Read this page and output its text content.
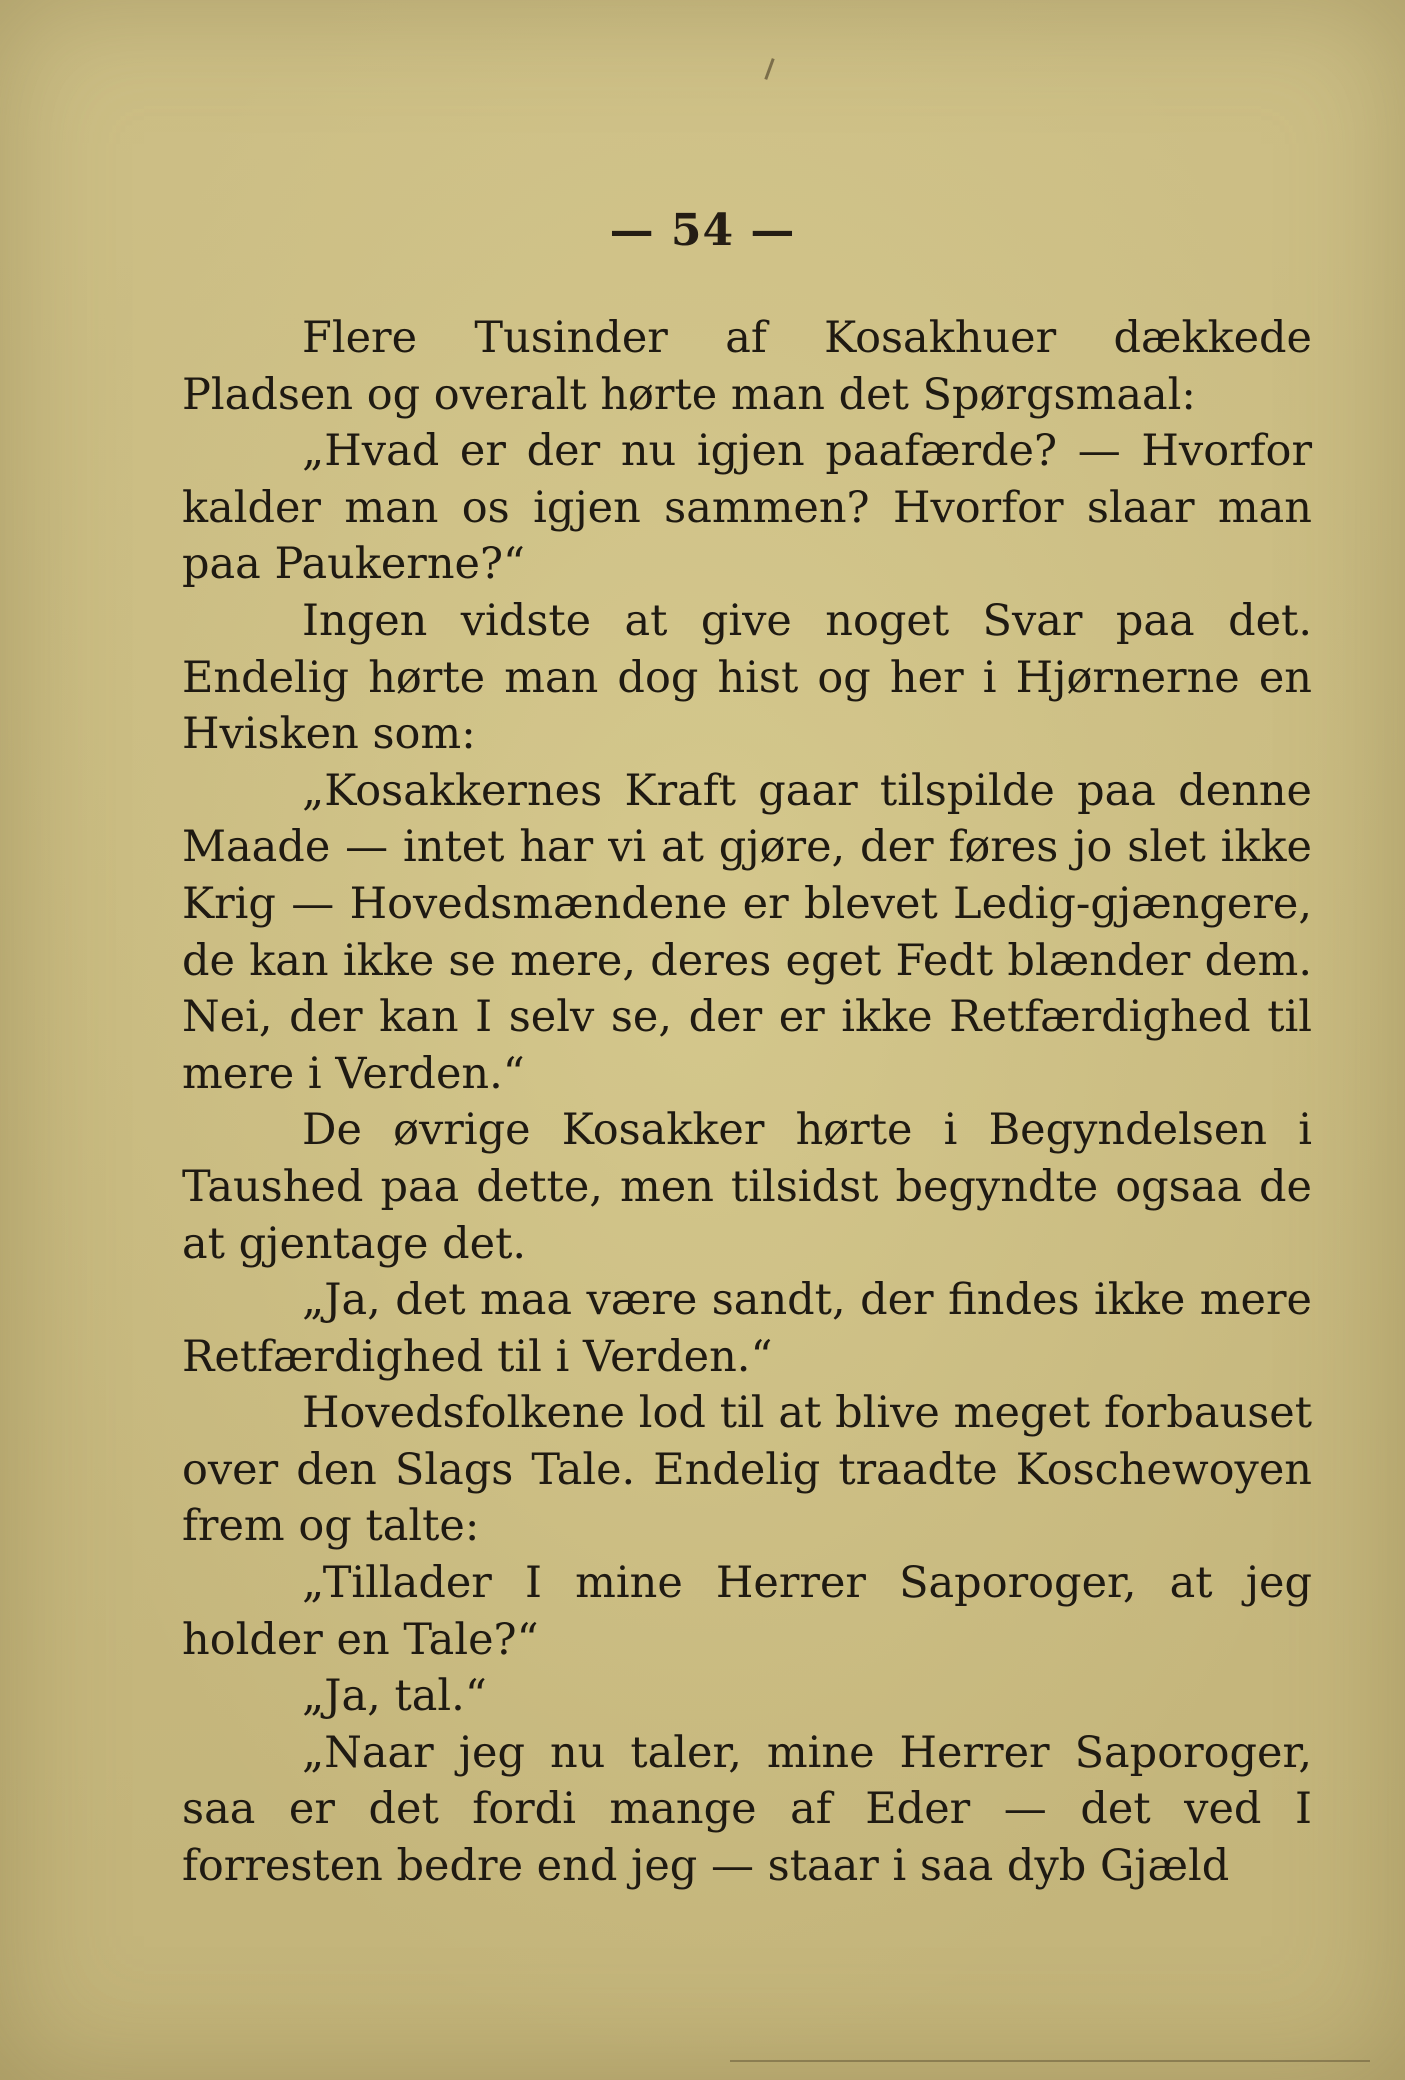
— 54 —

Flere Tusinder af Kosakhuer dækkede Pladsen og overalt hørte man det Spørgsmaal:

„Hvad er der nu igjen paafærde? — Hvorfor kalder man os igjen sammen? Hvorfor slaar man paa Paukerne?“

Ingen vidste at give noget Svar paa det. Endelig hørte man dog hist og her i Hjørnerne en Hvisken som:

„Kosakkernes Kraft gaar tilspilde paa denne Maade — intet har vi at gjøre, der føres jo slet ikke Krig — Hovedsmændene er blevet Ledig-gjængere, de kan ikke se mere, deres eget Fedt blænder dem. Nei, der kan I selv se, der er ikke Retfærdighed til mere i Verden.“

De øvrige Kosakker hørte i Begyndelsen i Taushed paa dette, men tilsidst begyndte ogsaa de at gjentage det.

„Ja, det maa være sandt, der findes ikke mere Retfærdighed til i Verden.“

Hovedsfolkene lod til at blive meget forbauset over den Slags Tale. Endelig traadte Koschewoyen frem og talte:

„Tillader I mine Herrer Saporoger, at jeg holder en Tale?“

„Ja, tal.“

„Naar jeg nu taler, mine Herrer Saporoger, saa er det fordi mange af Eder — det ved I forresten bedre end jeg — staar i saa dyb Gjæld
